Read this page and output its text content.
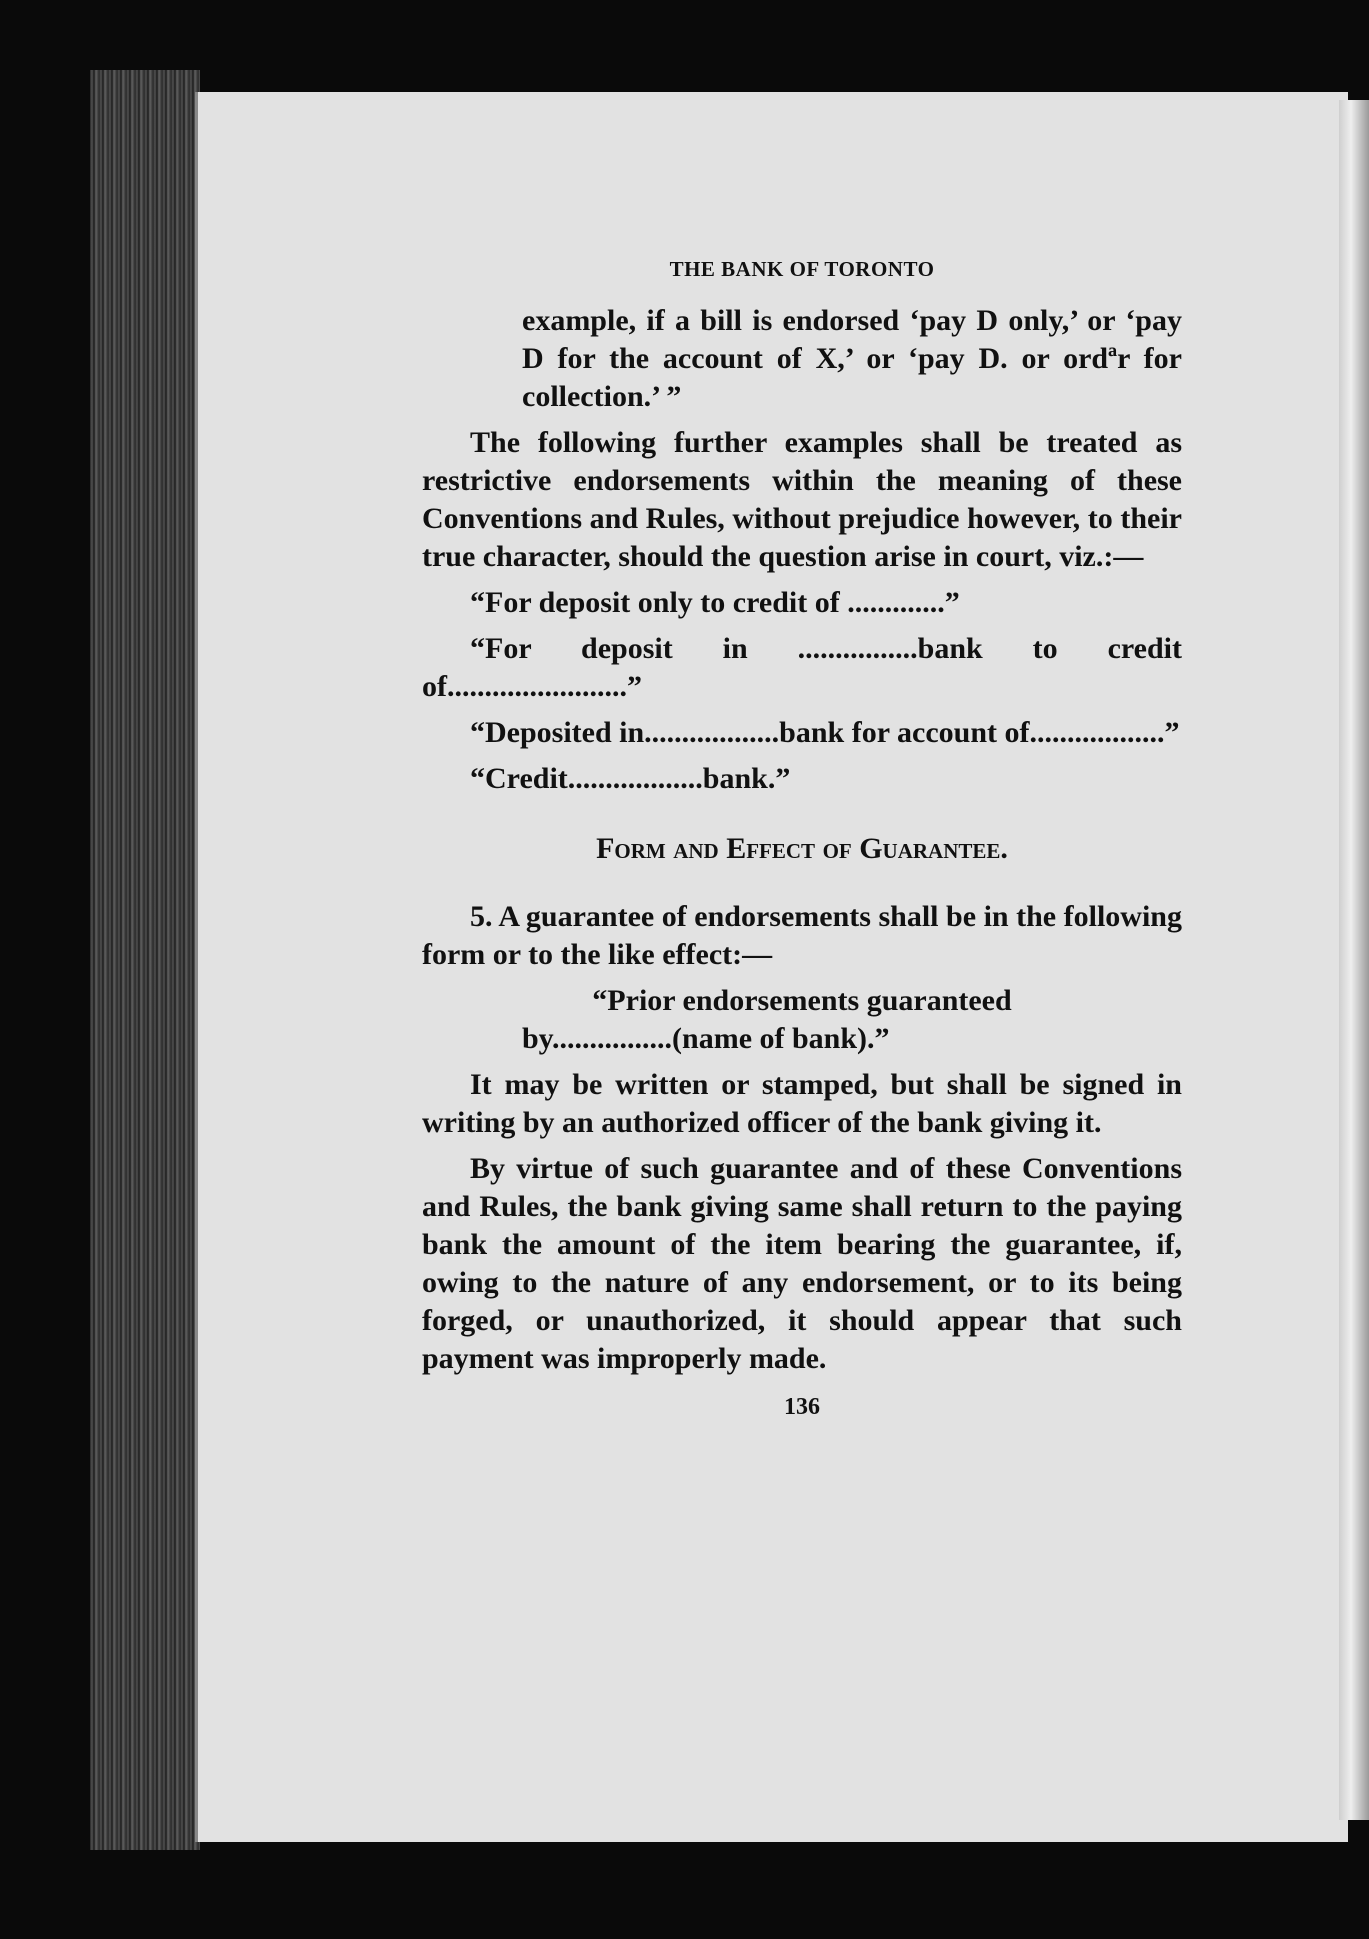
THE BANK OF TORONTO

example, if a bill is endorsed ‘pay D only,’ or ‘pay D for the account of X,’ or ‘pay D. or ordªr for collection.’ ”

The following further examples shall be treated as restrictive endorsements within the meaning of these Conventions and Rules, without prejudice however, to their true character, should the question arise in court, viz.:—

“For deposit only to credit of .............”

“For deposit in ................bank to credit of........................”

“Deposited in..................bank for account of..................”

“Credit..................bank.”

Form and Effect of Guarantee.

5. A guarantee of endorsements shall be in the following form or to the like effect:—

“Prior endorsements guaranteed
by................(name of bank).”

It may be written or stamped, but shall be signed in writing by an authorized officer of the bank giving it.

By virtue of such guarantee and of these Conventions and Rules, the bank giving same shall return to the paying bank the amount of the item bearing the guarantee, if, owing to the nature of any endorsement, or to its being forged, or unauthorized, it should appear that such payment was improperly made.

136
